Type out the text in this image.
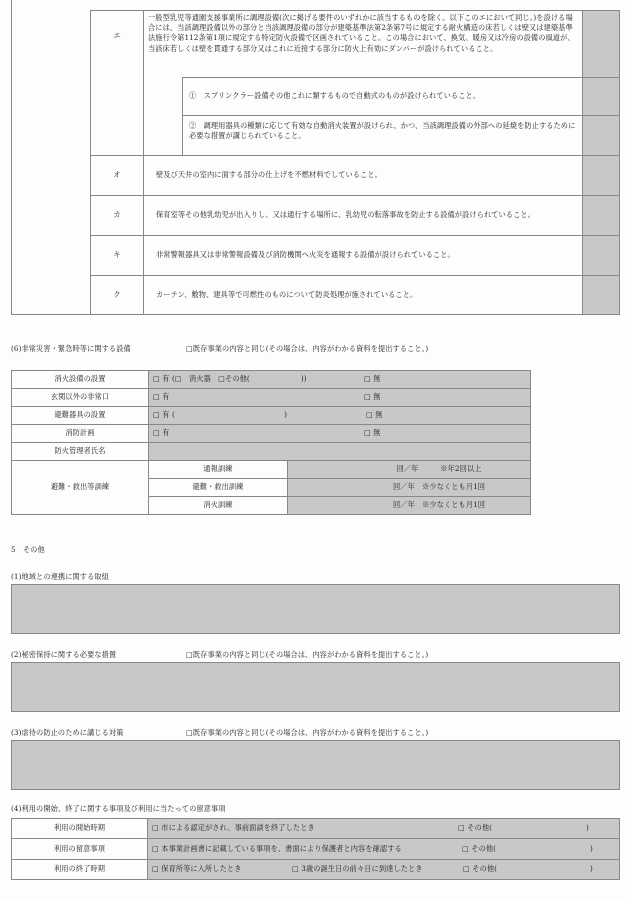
エ
一般型乳児等通園支援事業所に調理設備(次に掲げる要件のいずれかに該当するものを除く。以下このエにおいて同じ。)を設ける場合には、当該調理設備以外の部分と当該調理設備の部分が建築基準法第2条第7号に規定する耐火構造の床若しくは壁又は建築基準法施行令第112条第1項に規定する特定防火設備で区画されていること。この場合において、換気、暖房又は冷房の設備の風道が、当該床若しくは壁を貫通する部分又はこれに近接する部分に防火上有効にダンパーが設けられていること。
①　スプリンクラー設備その他これに類するもので自動式のものが設けられていること。
②　調理用器具の種類に応じて有効な自動消火装置が設けられ、かつ、当該調理設備の外部への延焼を防止するために必要な措置が講じられていること。
オ	壁及び天井の室内に面する部分の仕上げを不燃材料でしていること。
カ	保育室等その他乳幼児が出入りし、又は通行する場所に、乳幼児の転落事故を防止する設備が設けられていること。
キ	非常警報器具又は非常警報設備及び消防機関へ火災を通報する設備が設けられていること。
ク	カーテン、敷物、建具等で可燃性のものについて防炎処理が施されていること。
(6)非常災害・緊急時等に関する設備	□既存事業の内容と同じ(その場合は、内容がわかる資料を提出すること。)
消火設備の設置	□ 有 (□　消火器　□その他(　　　　　　　))	□ 無
玄関以外の非常口	□ 有	□ 無
避難器具の設置	□ 有 (　　　　　　　　　　　　　　　)	□ 無
消防計画	□ 有	□ 無
防火管理者氏名
避難・救出等訓練
通報訓練	回／年　　　※年2回以上
避難・救出訓練	回／年　※少なくとも月1回
消火訓練	回／年　※少なくとも月1回
5　その他
(1)地域との連携に関する取組
(2)秘密保持に関する必要な措置	□既存事業の内容と同じ(その場合は、内容がわかる資料を提出すること。)
(3)虐待の防止のために講じる対策	□既存事業の内容と同じ(その場合は、内容がわかる資料を提出すること。)
(4)利用の開始、終了に関する事項及び利用に当たっての留意事項
利用の開始時期	□ 市による認定がされ、事前面談を終了したとき	□ その他(	)
利用の留意事項	□ 本事業計画書に記載している事項を、書面により保護者と内容を確認する	□ その他(	)
利用の終了時期	□ 保育所等に入所したとき	□ 3歳の誕生日の前々日に到達したとき	□ その他(	)
